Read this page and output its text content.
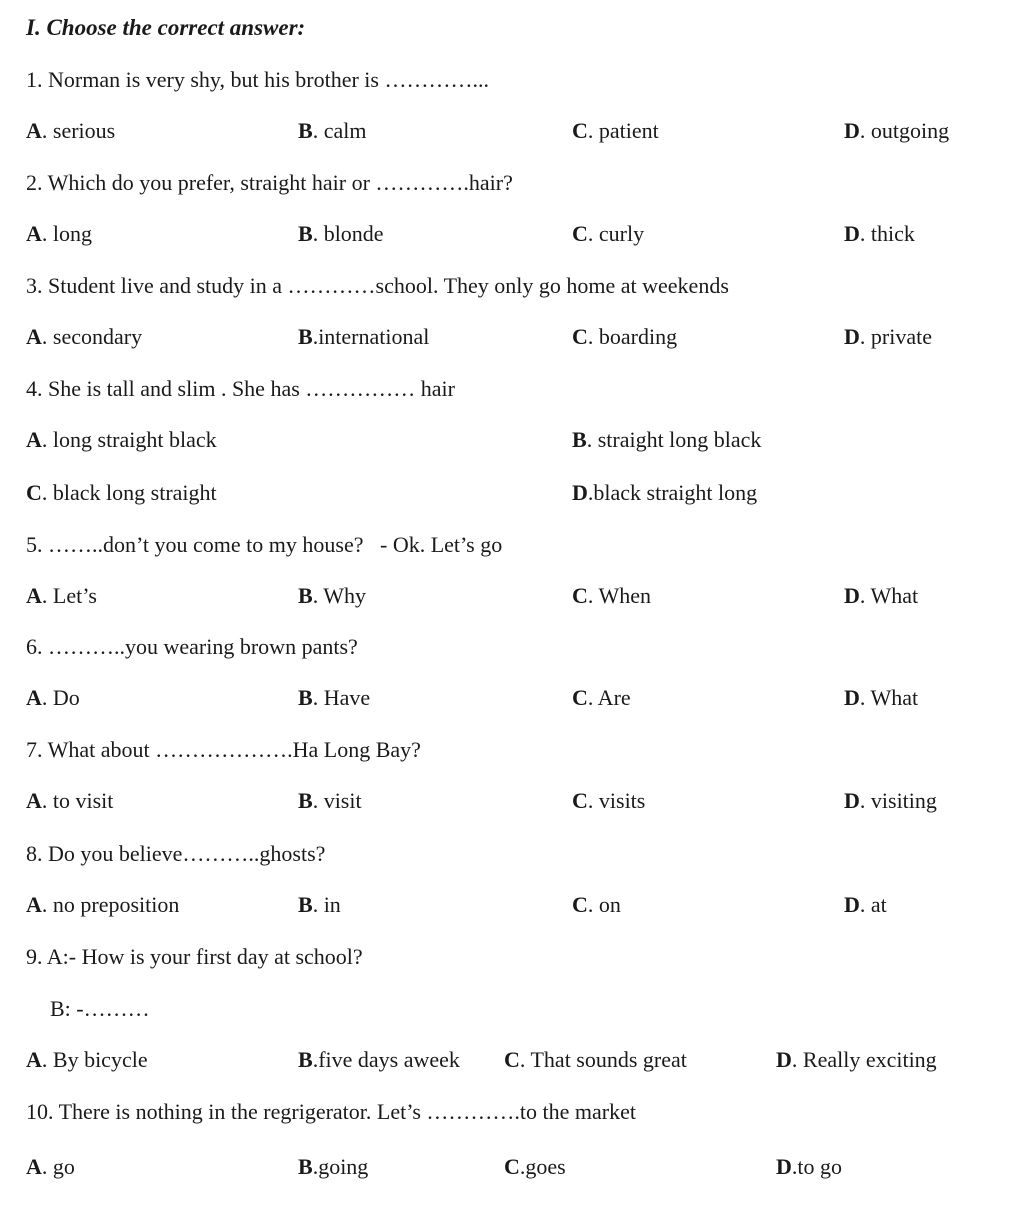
I. Choose the correct answer:
1. Norman is very shy, but his brother is …………...
A. serious	B. calm	C. patient	D. outgoing
2. Which do you prefer, straight hair or ………….hair?
A. long	B. blonde	C. curly	D. thick
3. Student live and study in a …………school. They only go home at weekends
A. secondary	B.international	C. boarding	D. private
4. She is tall and slim . She has …………… hair
A. long straight black	B. straight long black
C. black long straight	D.black straight long
5. ……..don’t you come to my house?   - Ok. Let’s go
A. Let’s	B. Why	C. When	D. What
6. ………..you wearing brown pants?
A. Do	B. Have	C. Are	D. What
7. What about ……………….Ha Long Bay?
A. to visit	B. visit	C. visits	D. visiting
8. Do you believe………..ghosts?
A. no preposition	B. in	C. on	D. at
9. A:- How is your first day at school?
B: -………
A. By bicycle	B.five days aweek C. That sounds great	D. Really exciting
10. There is nothing in the regrigerator. Let’s ………….to the market
A. go	B.going	C.goes	D.to go
